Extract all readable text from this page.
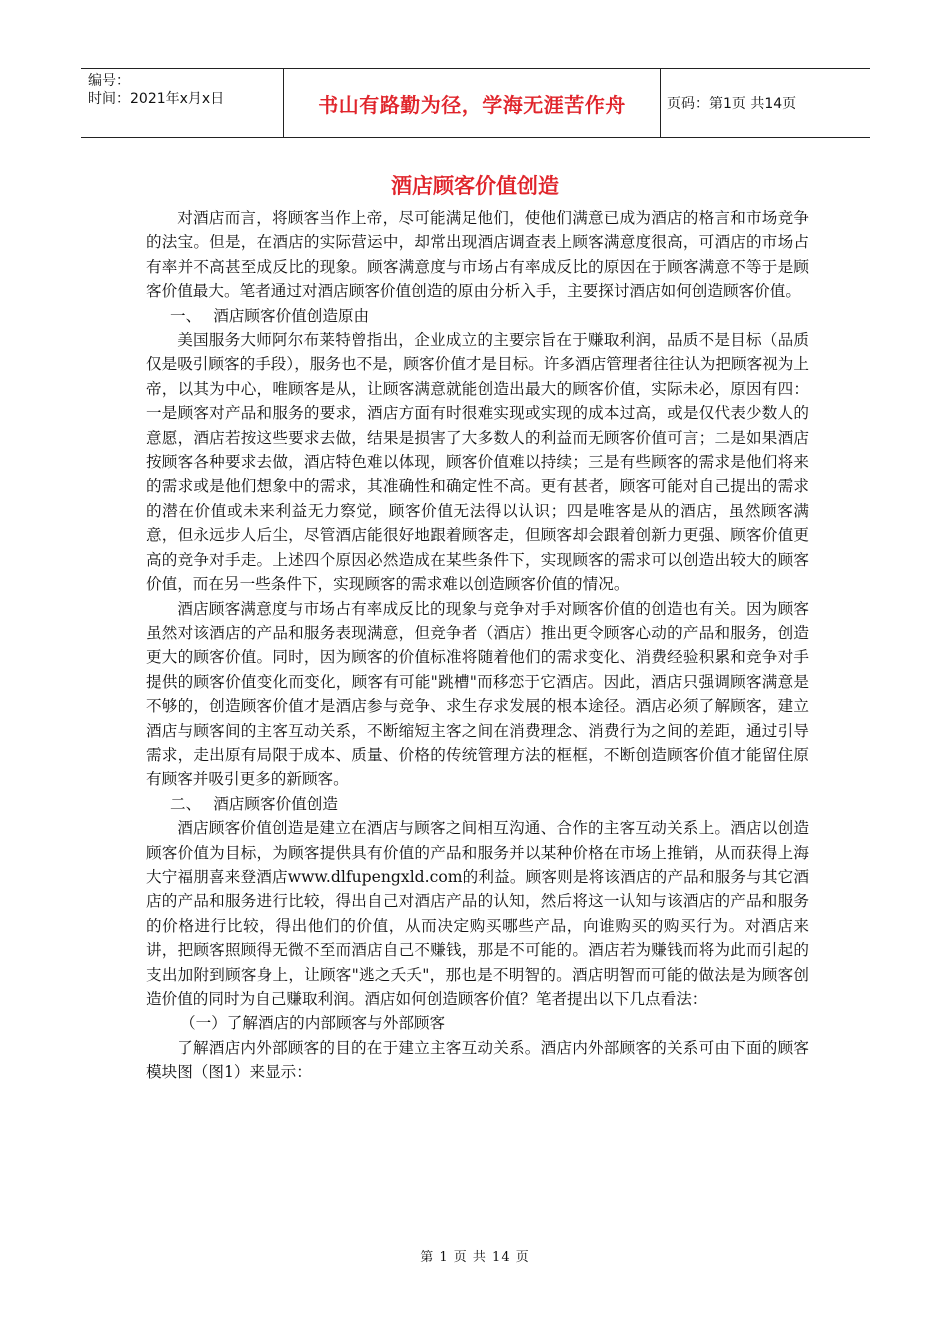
编号：
时间：2021年x月x日	书山有路勤为径，学海无涯苦作舟	页码：第1页 共14页
酒店顾客价值创造

对酒店而言，将顾客当作上帝，尽可能满足他们，使他们满意已成为酒店的格言和市场竞争的法宝。但是，在酒店的实际营运中，却常出现酒店调查表上顾客满意度很高，可酒店的市场占有率并不高甚至成反比的现象。顾客满意度与市场占有率成反比的原因在于顾客满意不等于是顾客价值最大。笔者通过对酒店顾客价值创造的原由分析入手，主要探讨酒店如何创造顾客价值。

一、 酒店顾客价值创造原由

美国服务大师阿尔布莱特曾指出，企业成立的主要宗旨在于赚取利润，品质不是目标（品质仅是吸引顾客的手段），服务也不是，顾客价值才是目标。许多酒店管理者往往认为把顾客视为上帝，以其为中心，唯顾客是从，让顾客满意就能创造出最大的顾客价值，实际未必，原因有四：一是顾客对产品和服务的要求，酒店方面有时很难实现或实现的成本过高，或是仅代表少数人的意愿，酒店若按这些要求去做，结果是损害了大多数人的利益而无顾客价值可言；二是如果酒店按顾客各种要求去做，酒店特色难以体现，顾客价值难以持续；三是有些顾客的需求是他们将来的需求或是他们想象中的需求，其准确性和确定性不高。更有甚者，顾客可能对自己提出的需求的潜在价值或未来利益无力察觉，顾客价值无法得以认识；四是唯客是从的酒店，虽然顾客满意，但永远步人后尘，尽管酒店能很好地跟着顾客走，但顾客却会跟着创新力更强、顾客价值更高的竞争对手走。上述四个原因必然造成在某些条件下，实现顾客的需求可以创造出较大的顾客价值，而在另一些条件下，实现顾客的需求难以创造顾客价值的情况。

酒店顾客满意度与市场占有率成反比的现象与竞争对手对顾客价值的创造也有关。因为顾客虽然对该酒店的产品和服务表现满意，但竞争者（酒店）推出更令顾客心动的产品和服务，创造更大的顾客价值。同时，因为顾客的价值标准将随着他们的需求变化、消费经验积累和竞争对手提供的顾客价值变化而变化，顾客有可能"跳槽"而移恋于它酒店。因此，酒店只强调顾客满意是不够的，创造顾客价值才是酒店参与竞争、求生存求发展的根本途径。酒店必须了解顾客，建立酒店与顾客间的主客互动关系，不断缩短主客之间在消费理念、消费行为之间的差距，通过引导需求，走出原有局限于成本、质量、价格的传统管理方法的框框，不断创造顾客价值才能留住原有顾客并吸引更多的新顾客。

二、 酒店顾客价值创造

酒店顾客价值创造是建立在酒店与顾客之间相互沟通、合作的主客互动关系上。酒店以创造顾客价值为目标，为顾客提供具有价值的产品和服务并以某种价格在市场上推销，从而获得上海大宁福朋喜来登酒店www.dlfupengxld.com的利益。顾客则是将该酒店的产品和服务与其它酒店的产品和服务进行比较，得出自己对酒店产品的认知，然后将这一认知与该酒店的产品和服务的价格进行比较，得出他们的价值，从而决定购买哪些产品，向谁购买的购买行为。对酒店来讲，把顾客照顾得无微不至而酒店自己不赚钱，那是不可能的。酒店若为赚钱而将为此而引起的支出加附到顾客身上，让顾客"逃之夭夭"，那也是不明智的。酒店明智而可能的做法是为顾客创造价值的同时为自己赚取利润。酒店如何创造顾客价值？笔者提出以下几点看法：

（一）了解酒店的内部顾客与外部顾客

了解酒店内外部顾客的目的在于建立主客互动关系。酒店内外部顾客的关系可由下面的顾客模块图（图1）来显示：

第 1 页 共 14 页
